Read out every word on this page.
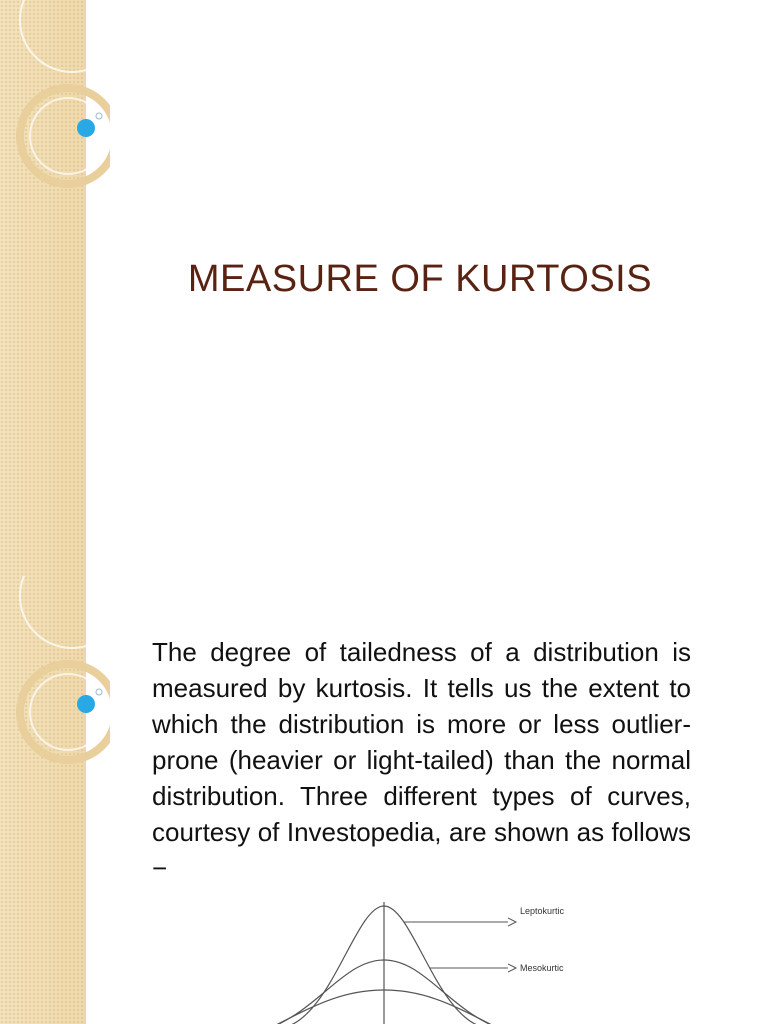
MEASURE OF KURTOSIS

The degree of tailedness of a distribution is measured by kurtosis. It tells us the extent to which the distribution is more or less outlier-prone (heavier or light-tailed) than the normal distribution. Three different types of curves, courtesy of Investopedia, are shown as follows −

Leptokurtic
Mesokurtic
